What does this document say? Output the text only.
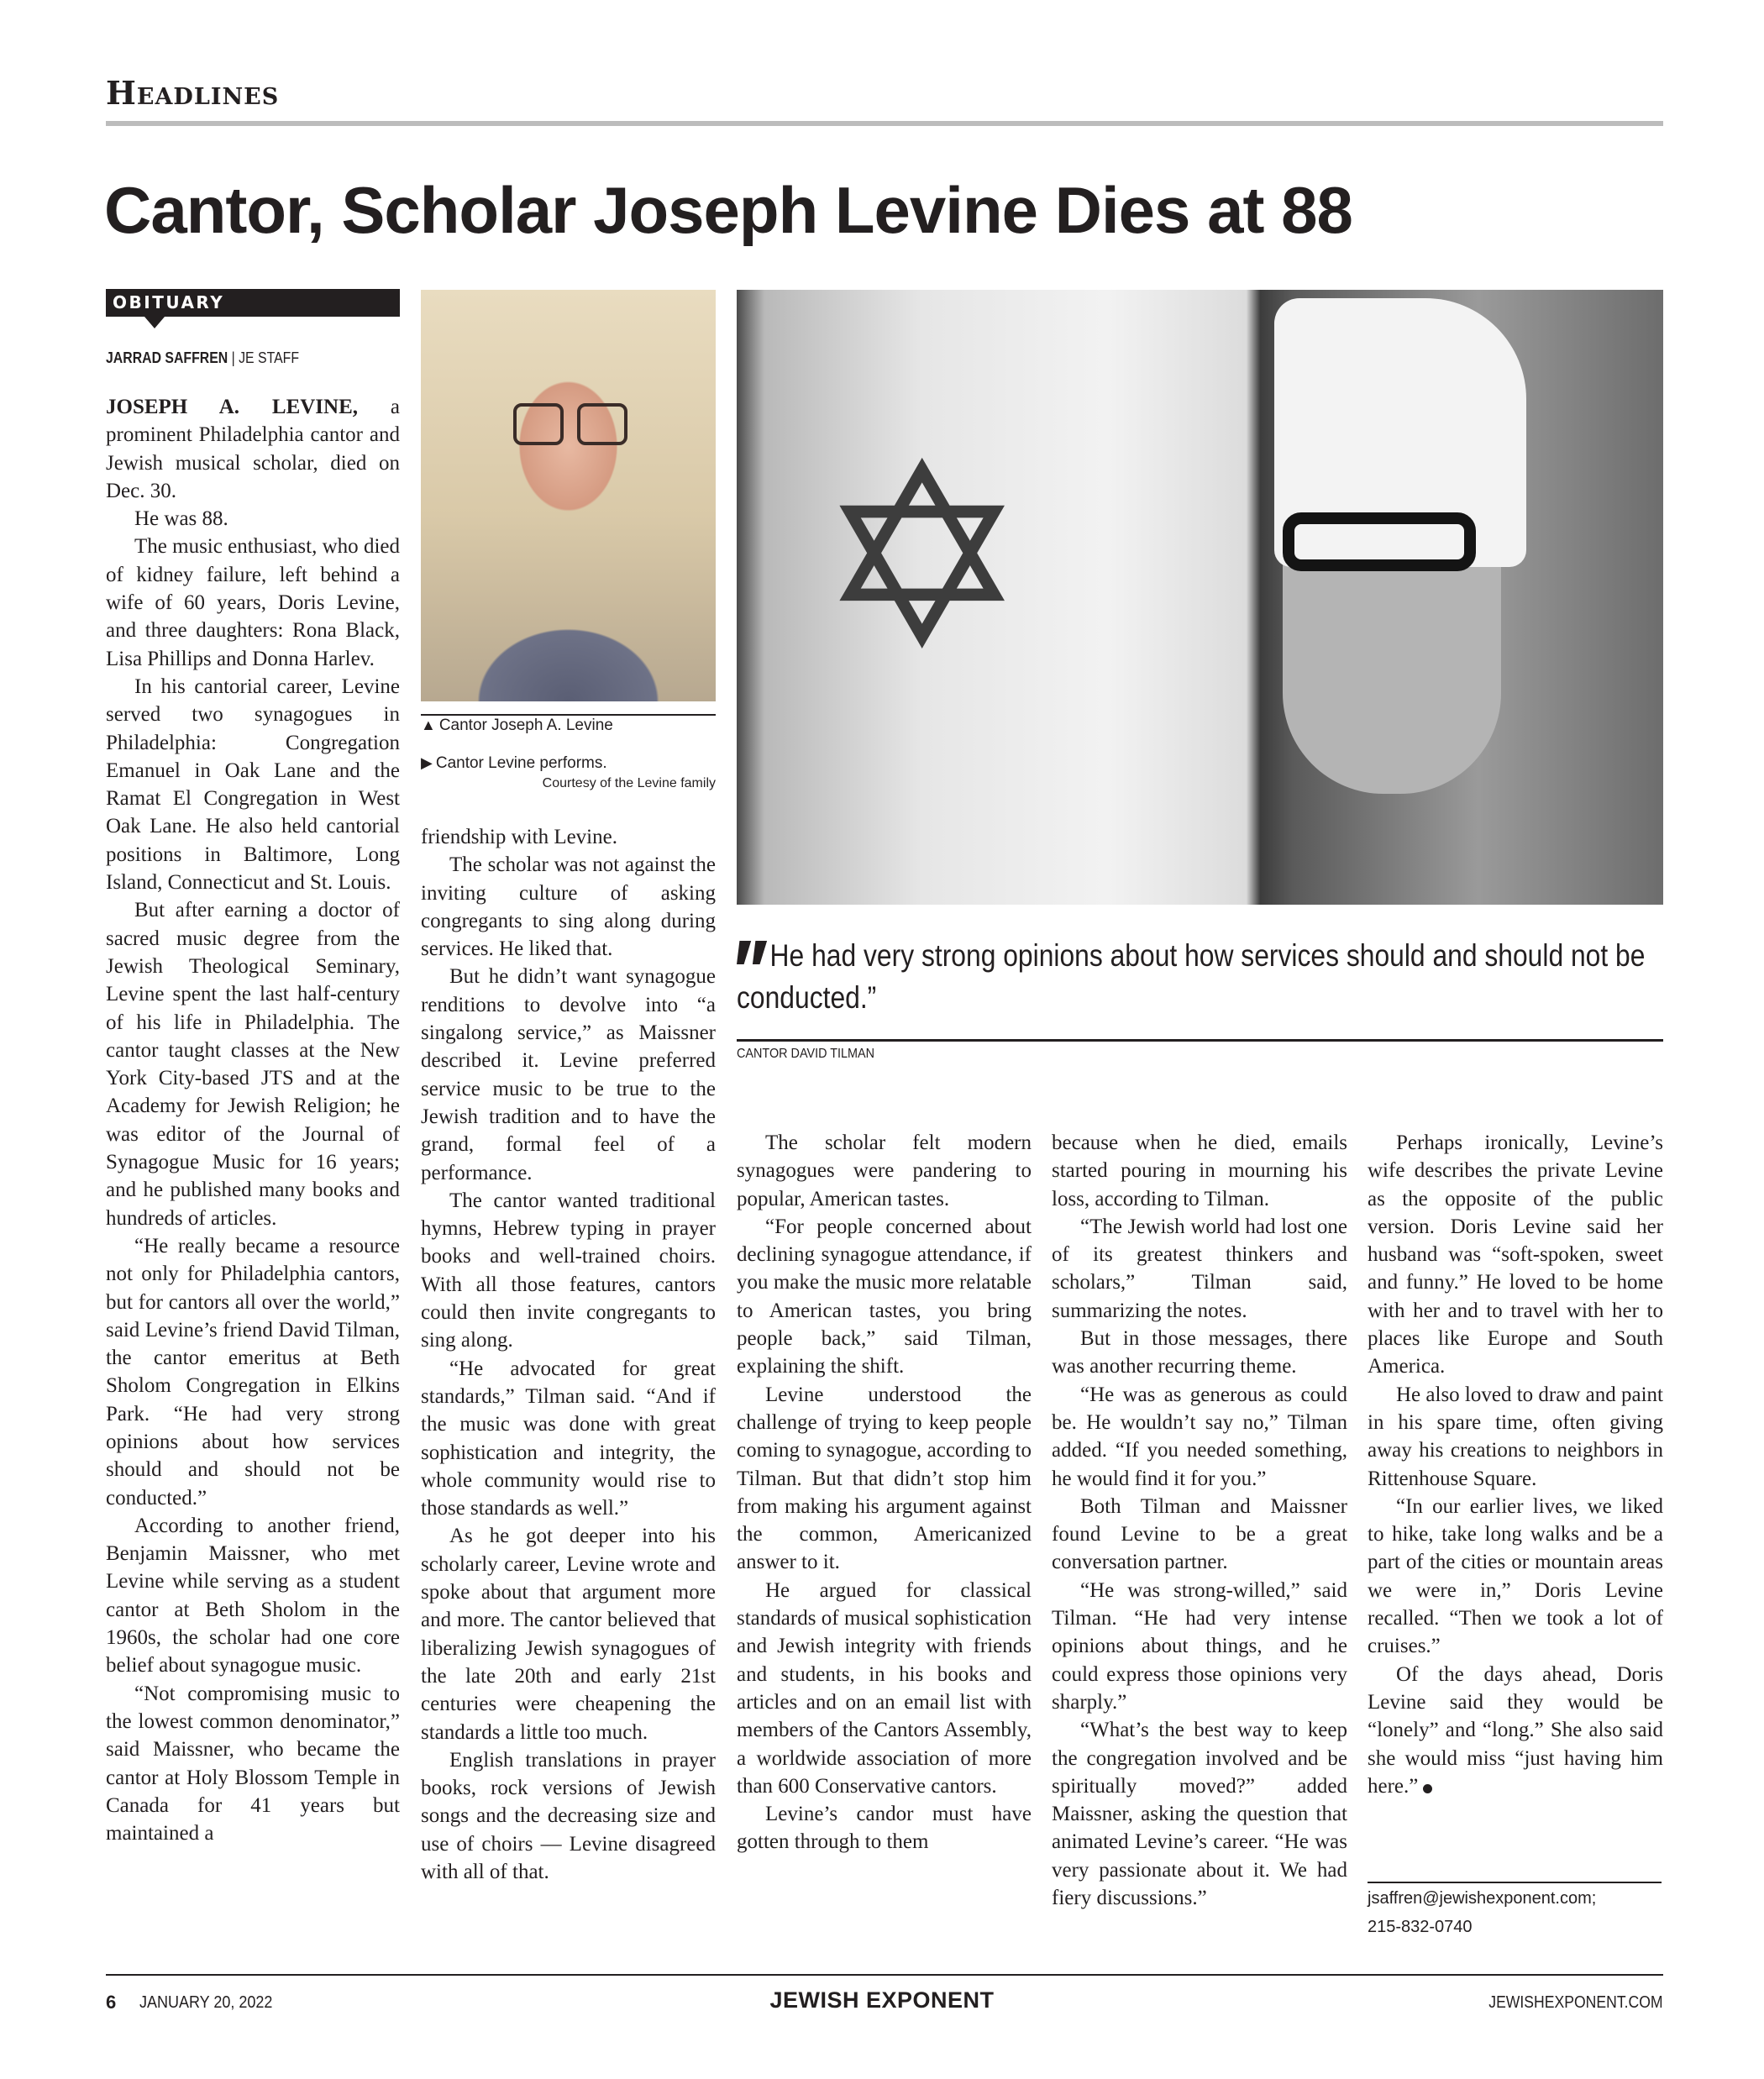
Headlines
Cantor, Scholar Joseph Levine Dies at 88
OBITUARY
JARRAD SAFFREN | JE STAFF

JOSEPH A. LEVINE, a prominent Philadelphia cantor and Jewish musical scholar, died on Dec. 30.

He was 88.

The music enthusiast, who died of kidney failure, left behind a wife of 60 years, Doris Levine, and three daughters: Rona Black, Lisa Phillips and Donna Harlev.

In his cantorial career, Levine served two synagogues in Philadelphia: Congregation Emanuel in Oak Lane and the Ramat El Congregation in West Oak Lane. He also held cantorial positions in Baltimore, Long Island, Connecticut and St. Louis.

But after earning a doctor of sacred music degree from the Jewish Theological Seminary, Levine spent the last half-century of his life in Philadelphia. The cantor taught classes at the New York City-based JTS and at the Academy for Jewish Religion; he was editor of the Journal of Synagogue Music for 16 years; and he published many books and hundreds of articles.

“He really became a resource not only for Philadelphia cantors, but for cantors all over the world,” said Levine’s friend David Tilman, the cantor emeritus at Beth Sholom Congregation in Elkins Park. “He had very strong opinions about how services should and should not be conducted.”

According to another friend, Benjamin Maissner, who met Levine while serving as a student cantor at Beth Sholom in the 1960s, the scholar had one core belief about synagogue music.

“Not compromising music to the lowest common denominator,” said Maissner, who became the cantor at Holy Blossom Temple in Canada for 41 years but maintained a

▲ Cantor Joseph A. Levine
▶ Cantor Levine performs.
Courtesy of the Levine family

friendship with Levine.

The scholar was not against the inviting culture of asking congregants to sing along during services. He liked that.

But he didn’t want synagogue renditions to devolve into “a singalong service,” as Maissner described it. Levine preferred service music to be true to the Jewish tradition and to have the grand, formal feel of a performance.

The cantor wanted traditional hymns, Hebrew typing in prayer books and well-trained choirs. With all those features, cantors could then invite congregants to sing along.

“He advocated for great standards,” Tilman said. “And if the music was done with great sophistication and integrity, the whole community would rise to those standards as well.”

As he got deeper into his scholarly career, Levine wrote and spoke about that argument more and more. The cantor believed that liberalizing Jewish synagogues of the late 20th and early 21st centuries were cheapening the standards a little too much.

English translations in prayer books, rock versions of Jewish songs and the decreasing size and use of choirs — Levine disagreed with all of that.

✡
He had very strong opinions about how services should and should not be conducted.”
CANTOR DAVID TILMAN

The scholar felt modern synagogues were pandering to popular, American tastes.

“For people concerned about declining synagogue attendance, if you make the music more relatable to American tastes, you bring people back,” said Tilman, explaining the shift.

Levine understood the challenge of trying to keep people coming to synagogue, according to Tilman. But that didn’t stop him from making his argument against the common, Americanized answer to it.

He argued for classical standards of musical sophistication and Jewish integrity with friends and students, in his books and articles and on an email list with members of the Cantors Assembly, a worldwide association of more than 600 Conservative cantors.

Levine’s candor must have gotten through to them

because when he died, emails started pouring in mourning his loss, according to Tilman.

“The Jewish world had lost one of its greatest thinkers and scholars,” Tilman said, summarizing the notes.

But in those messages, there was another recurring theme.

“He was as generous as could be. He wouldn’t say no,” Tilman added. “If you needed something, he would find it for you.”

Both Tilman and Maissner found Levine to be a great conversation partner.

“He was strong-willed,” said Tilman. “He had very intense opinions about things, and he could express those opinions very sharply.”

“What’s the best way to keep the congregation involved and be spiritually moved?” added Maissner, asking the question that animated Levine’s career. “He was very passionate about it. We had fiery discussions.”

Perhaps ironically, Levine’s wife describes the private Levine as the opposite of the public version. Doris Levine said her husband was “soft-spoken, sweet and funny.” He loved to be home with her and to travel with her to places like Europe and South America.

He also loved to draw and paint in his spare time, often giving away his creations to neighbors in Rittenhouse Square.

“In our earlier lives, we liked to hike, take long walks and be a part of the cities or mountain areas we were in,” Doris Levine recalled. “Then we took a lot of cruises.”

Of the days ahead, Doris Levine said they would be “lonely” and “long.” She also said she would miss “just having him here.”

jsaffren@jewishexponent.com;
215-832-0740
6 JANUARY 20, 2022	JEWISH EXPONENT	JEWISHEXPONENT.COM
